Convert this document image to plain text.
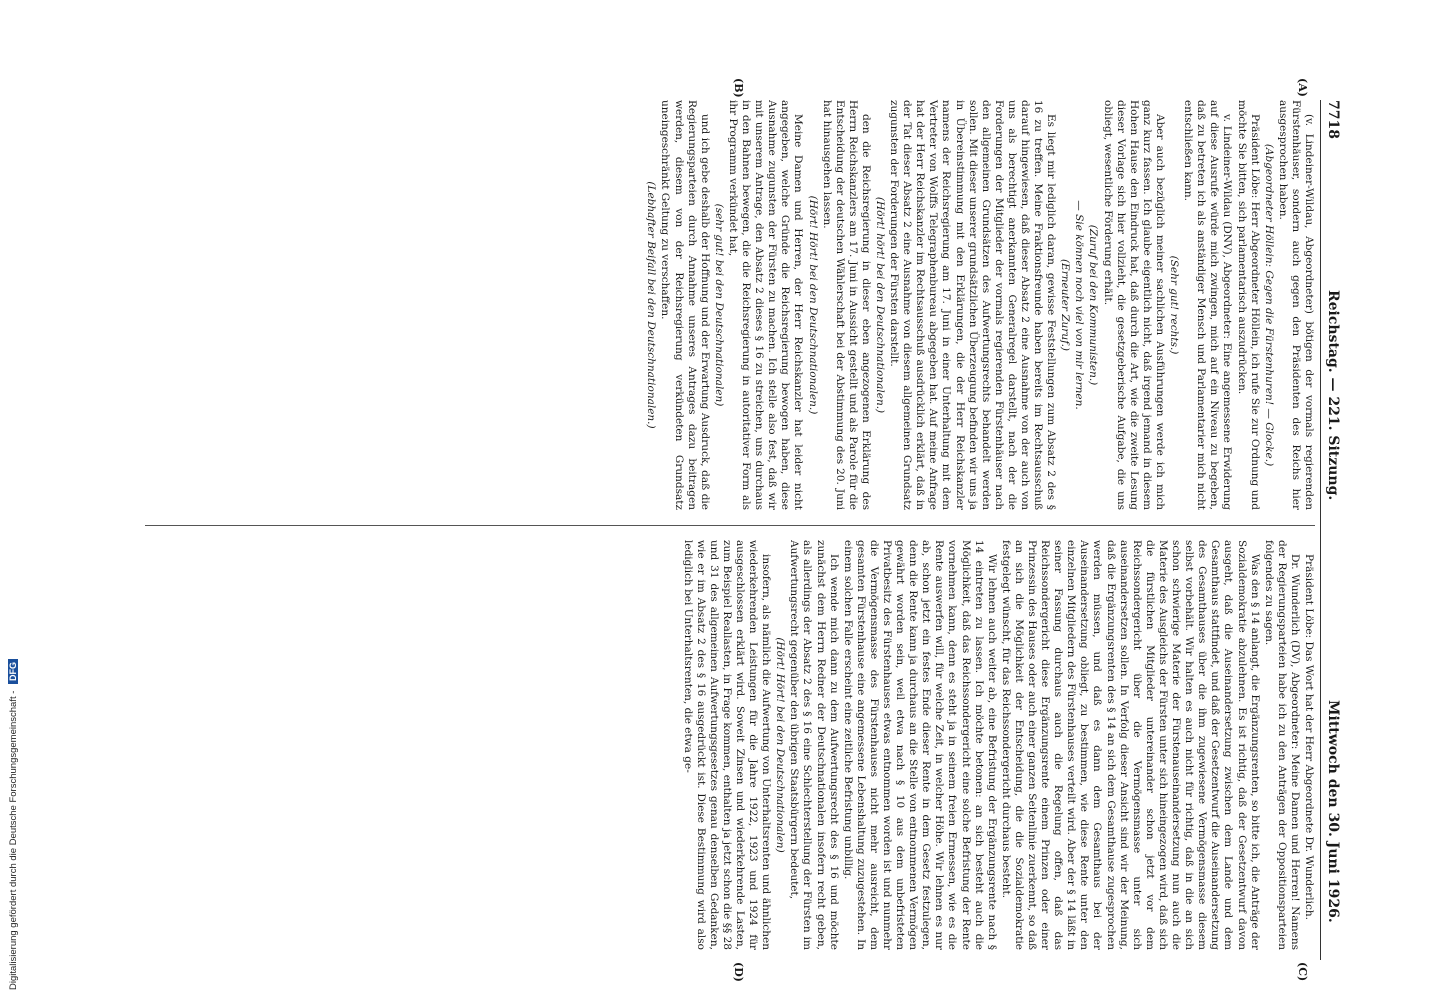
7718
Reichstag. — 221. Sitzung.
Mittwoch den 30. Juni 1926.
(A)
(B)
(C)
(D)

(v. Lindeiner-Wildau, Abgeordneter) bötigen der vormals regierenden Fürstenhäuser, sondern auch gegen den Präsidenten des Reichs hier ausgesprochen haben.

(Abgeordneter Höllein: Gegen die Fürstenhuren! — Glocke.)

Präsident Löbe: Herr Abgeordneter Höllein, ich rufe Sie zur Ordnung und möchte Sie bitten, sich parlamentarisch auszudrücken.

v. Lindeiner-Wildau (DNV), Abgeordneter: Eine angemessene Erwiderung auf diese Ausrufe würde mich zwingen, mich auf ein Niveau zu begeben, daß zu betreten ich als anständiger Mensch und Parlamentarier mich nicht entschließen kann.

(Sehr gut! rechts.)

Aber auch bezüglich meiner sachlichen Ausführungen werde ich mich ganz kurz fassen. Ich glaube eigentlich nicht, daß irgend jemand in diesem Hohen Hause den Eindruck hat, daß durch die Art, wie die zweite Lesung dieser Vorlage sich hier vollzieht, die gesetzgeberische Aufgabe, die uns obliegt, wesentliche Förderung erhält.

(Zuruf bei den Kommunisten.)

— Sie können noch viel von mir lernen.

(Erneuter Zuruf.)

Es liegt mir lediglich daran, gewisse Feststellungen zum Absatz 2 des § 16 zu treffen. Meine Fraktionsfreunde haben bereits im Rechtsausschuß darauf hingewiesen, daß dieser Absatz 2 eine Ausnahme von der auch von uns als berechtigt anerkannten Generalregel darstellt, nach der die Forderungen der Mitglieder der vormals regierenden Fürstenhäuser nach den allgemeinen Grundsätzen des Aufwertungsrechts behandelt werden sollen. Mit dieser unserer grundsätzlichen Überzeugung befinden wir uns ja in Übereinstimmung mit den Erklärungen, die der Herr Reichskanzler namens der Reichsregierung am 17. Juni in einer Unterhaltung mit dem Vertreter von Wolffs Telegraphenbureau abgegeben hat. Auf meine Anfrage hat der Herr Reichskanzler im Rechtsausschuß ausdrücklich erklärt, daß in der Tat dieser Absatz 2 eine Ausnahme von diesem allgemeinen Grundsatz zugunsten der Forderungen der Fürsten darstellt.

(Hört! hört! bei den Deutschnationalen.)

den die Reichsregierung in dieser eben angezogenen Erklärung des Herrn Reichskanzlers am 17. Juni in Aussicht gestellt und als Parole für die Entscheidung der deutschen Wählerschaft bei der Abstimmung des 20. Juni hat hinausgehen lassen.

(Hört! Hört! bei den Deutschnationalen.)

Meine Damen und Herren, der Herr Reichskanzler hat leider nicht angegeben, welche Gründe die Reichsregierung bewogen haben, diese Ausnahme zugunsten der Fürsten zu machen. Ich stelle also fest, daß wir mit unserem Antrage, den Absatz 2 dieses § 16 zu streichen, uns durchaus in den Bahnen bewegen, die die Reichsregierung in autoritativer Form als ihr Programm verkündet hat,

(sehr gut! bei den Deutschnationalen)

und ich gebe deshalb der Hoffnung und der Erwartung Ausdruck, daß die Regierungsparteien durch Annahme unseres Antrages dazu beitragen werden, diesem von der Reichsregierung verkündeten Grundsatz uneingeschränkt Geltung zu verschaffen.

(Lebhafter Beifall bei den Deutschnationalen.)

Präsident Löbe: Das Wort hat der Herr Abgeordnete Dr. Wunderlich.

Dr. Wunderlich (DV), Abgeordneter: Meine Damen und Herren! Namens der Regierungsparteien habe ich zu den Anträgen der Oppositionsparteien folgendes zu sagen.

Was den § 14 anlangt, die Ergänzungsrenten, so bitte ich, die Anträge der Sozialdemokratie abzulehnen. Es ist richtig, daß der Gesetzentwurf davon ausgeht, daß die Auseinandersetzung zwischen dem Lande und dem Gesamthaus stattfindet, und daß der Gesetzentwurf die Auseinandersetzung des Gesamthauses über die ihm zugewiesene Vermögensmasse diesem selbst vorbehält. Wir halten es auch nicht für richtig, daß in die an sich schon schwierige Materie der Fürstenauseinandersetzung nun auch die Materie des Ausgleichs der Fürsten unter sich hineingezogen wird, daß sich die fürstlichen Mitglieder untereinander schon jetzt vor dem Reichssondergericht über die Vermögensmasse unter sich auseinandersetzen sollen. In Verfolg dieser Ansicht sind wir der Meinung, daß die Ergänzungsrenten des § 14 an sich dem Gesamthause zugesprochen werden müssen, und daß es dann dem Gesamthaus bei der Auseinandersetzung obliegt, zu bestimmen, wie diese Rente unter den einzelnen Mitgliedern des Fürstenhauses verteilt wird. Aber der § 14 läßt in seiner Fassung durchaus auch die Regelung offen, daß das Reichssondergericht diese Ergänzungsrente einem Prinzen oder einer Prinzessin des Hauses oder auch einer ganzen Seitenlinie zuerkennt, so daß an sich die Möglichkeit der Entscheidung, die die Sozialdemokratie festgelegt wünscht, für das Reichssondergericht durchaus besteht.

Wir lehnen auch weiter ab, eine Befristung der Ergänzungsrente nach § 14 eintreten zu lassen. Ich möchte betonen: an sich besteht auch die Möglichkeit, daß das Reichssondergericht eine solche Befristung der Rente vornehmen kann, denn es steht ja in seinem freien Ermessen, wie es die Rente auswerfen will, für welche Zeit, in welcher Höhe. Wir lehnen es nur ab, schon jetzt ein festes Ende dieser Rente in dem Gesetz festzulegen, denn die Rente kann ja durchaus an die Stelle von entnommenen Vermögen gewährt worden sein, weil etwa nach § 10 aus dem unbefristeten Privatbesitz des Fürstenhauses etwas entnommen worden ist und nunmehr die Vermögensmasse des Fürstenhauses nicht mehr ausreicht, dem gesamten Fürstenhause eine angemessene Lebenshaltung zuzugestehen. In einem solchen Falle erscheint eine zeitliche Befristung unbillig.

Ich wende mich dann zu dem Aufwertungsrecht des § 16 und möchte zunächst dem Herrn Redner der Deutschnationalen insofern recht geben, als allerdings der Absatz 2 des § 16 eine Schlechterstellung der Fürsten im Aufwertungsrecht gegenüber den übrigen Staatsbürgern bedeutet,

(Hört! Hört! bei den Deutschnationalen)

insofern, als nämlich die Aufwertung von Unterhaltsrenten und ähnlichen wiederkehrenden Leistungen für die Jahre 1922, 1923 und 1924 für ausgeschlossen erklärt wird. Soweit Zinsen und wiederkehrende Lasten, zum Beispiel Reallasten, in Frage kommen, enthalten ja jetzt schon die §§ 28 und 31 des allgemeinen Aufwertungsgesetzes genau denselben Gedanken, wie er im Absatz 2 des § 16 ausgedrückt ist. Diese Bestimmung wird also lediglich bei Unterhaltsrenten, die etwa ge-

Digitalisierung gefördert durch die Deutsche Forschungsgemeinschaft - DFG
